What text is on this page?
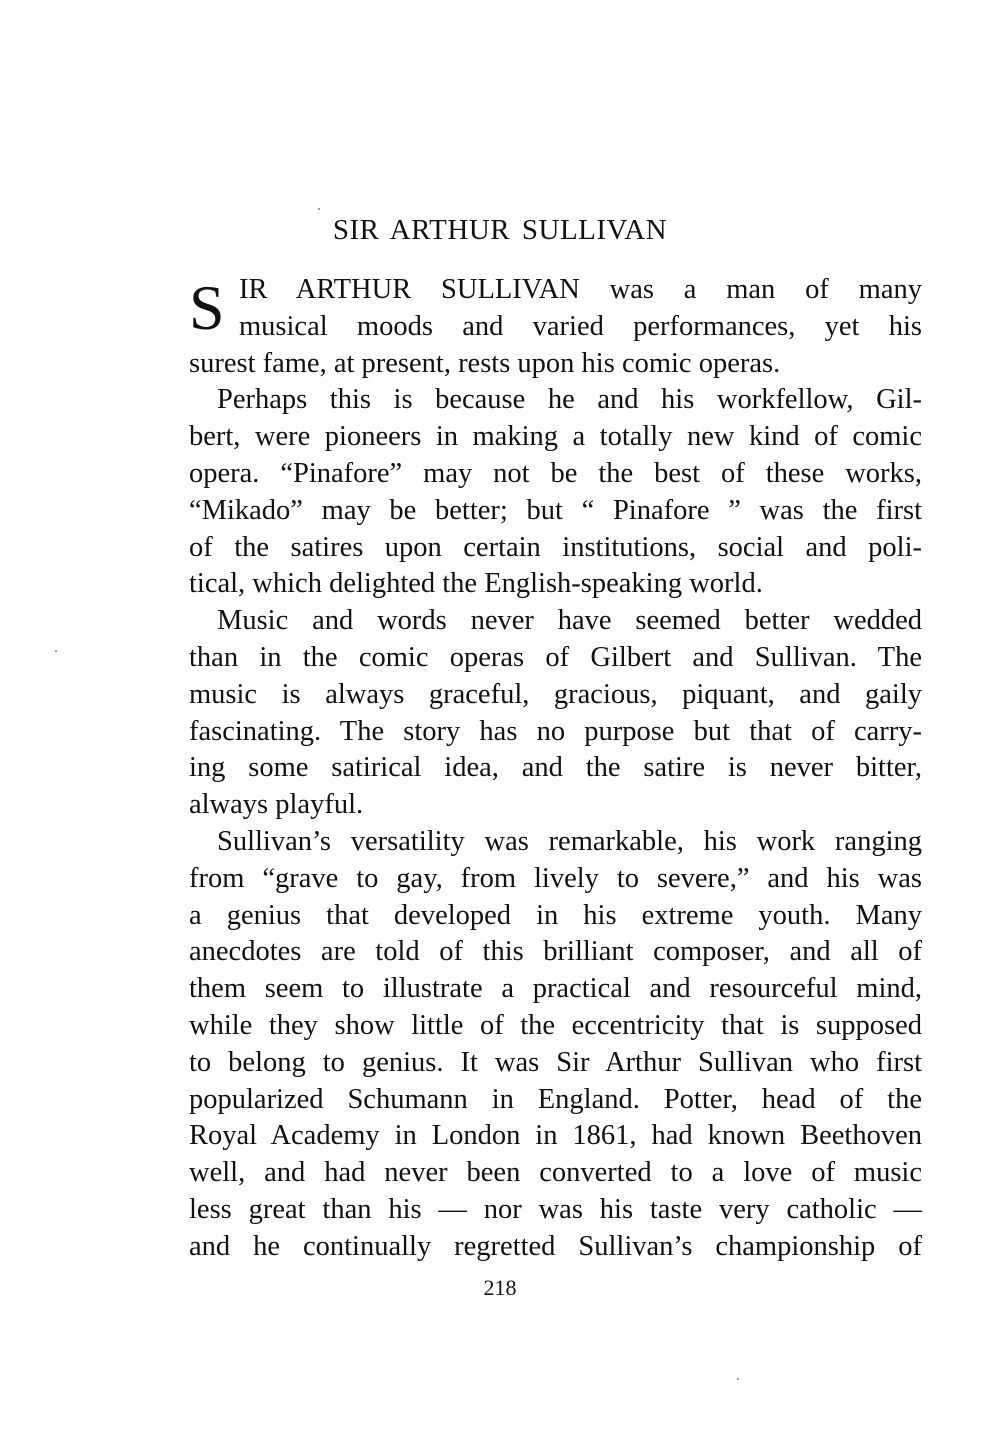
SIR ARTHUR SULLIVAN
S IR ARTHUR SULLIVAN was a man of many
musical moods and varied performances, yet his
surest fame, at present, rests upon his comic operas.
Perhaps this is because he and his workfellow, Gil-
bert, were pioneers in making a totally new kind of comic
opera. “Pinafore” may not be the best of these works,
“Mikado” may be better; but “ Pinafore ” was the first
of the satires upon certain institutions, social and poli-
tical, which delighted the English-speaking world.
Music and words never have seemed better wedded
than in the comic operas of Gilbert and Sullivan. The
music is always graceful, gracious, piquant, and gaily
fascinating. The story has no purpose but that of carry-
ing some satirical idea, and the satire is never bitter,
always playful.
Sullivan’s versatility was remarkable, his work ranging
from “grave to gay, from lively to severe,” and his was
a genius that developed in his extreme youth. Many
anecdotes are told of this brilliant composer, and all of
them seem to illustrate a practical and resourceful mind,
while they show little of the eccentricity that is supposed
to belong to genius. It was Sir Arthur Sullivan who first
popularized Schumann in England. Potter, head of the
Royal Academy in London in 1861, had known Beethoven
well, and had never been converted to a love of music
less great than his — nor was his taste very catholic —
and he continually regretted Sullivan’s championship of
218
